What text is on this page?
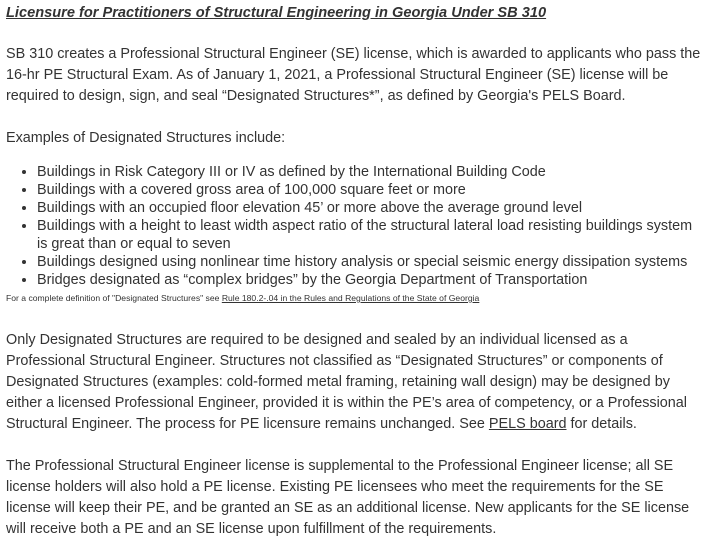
Licensure for Practitioners of Structural Engineering in Georgia Under SB 310

SB 310 creates a Professional Structural Engineer (SE) license, which is awarded to applicants who pass the 16-hr PE Structural Exam. As of January 1, 2021, a Professional Structural Engineer (SE) license will be required to design, sign, and seal “Designated Structures*”, as defined by Georgia's PELS Board.

Examples of Designated Structures include:

• Buildings in Risk Category III or IV as defined by the International Building Code
• Buildings with a covered gross area of 100,000 square feet or more
• Buildings with an occupied floor elevation 45’ or more above the average ground level
• Buildings with a height to least width aspect ratio of the structural lateral load resisting buildings system is great than or equal to seven
• Buildings designed using nonlinear time history analysis or special seismic energy dissipation systems
• Bridges designated as “complex bridges” by the Georgia Department of Transportation
For a complete definition of "Designated Structures" see Rule 180.2-.04 in the Rules and Regulations of the State of Georgia

Only Designated Structures are required to be designed and sealed by an individual licensed as a Professional Structural Engineer. Structures not classified as “Designated Structures” or components of Designated Structures (examples: cold-formed metal framing, retaining wall design) may be designed by either a licensed Professional Engineer, provided it is within the PE’s area of competency, or a Professional Structural Engineer. The process for PE licensure remains unchanged. See PELS board for details.

The Professional Structural Engineer license is supplemental to the Professional Engineer license; all SE license holders will also hold a PE license. Existing PE licensees who meet the requirements for the SE license will keep their PE, and be granted an SE as an additional license. New applicants for the SE license will receive both a PE and an SE license upon fulfillment of the requirements.
